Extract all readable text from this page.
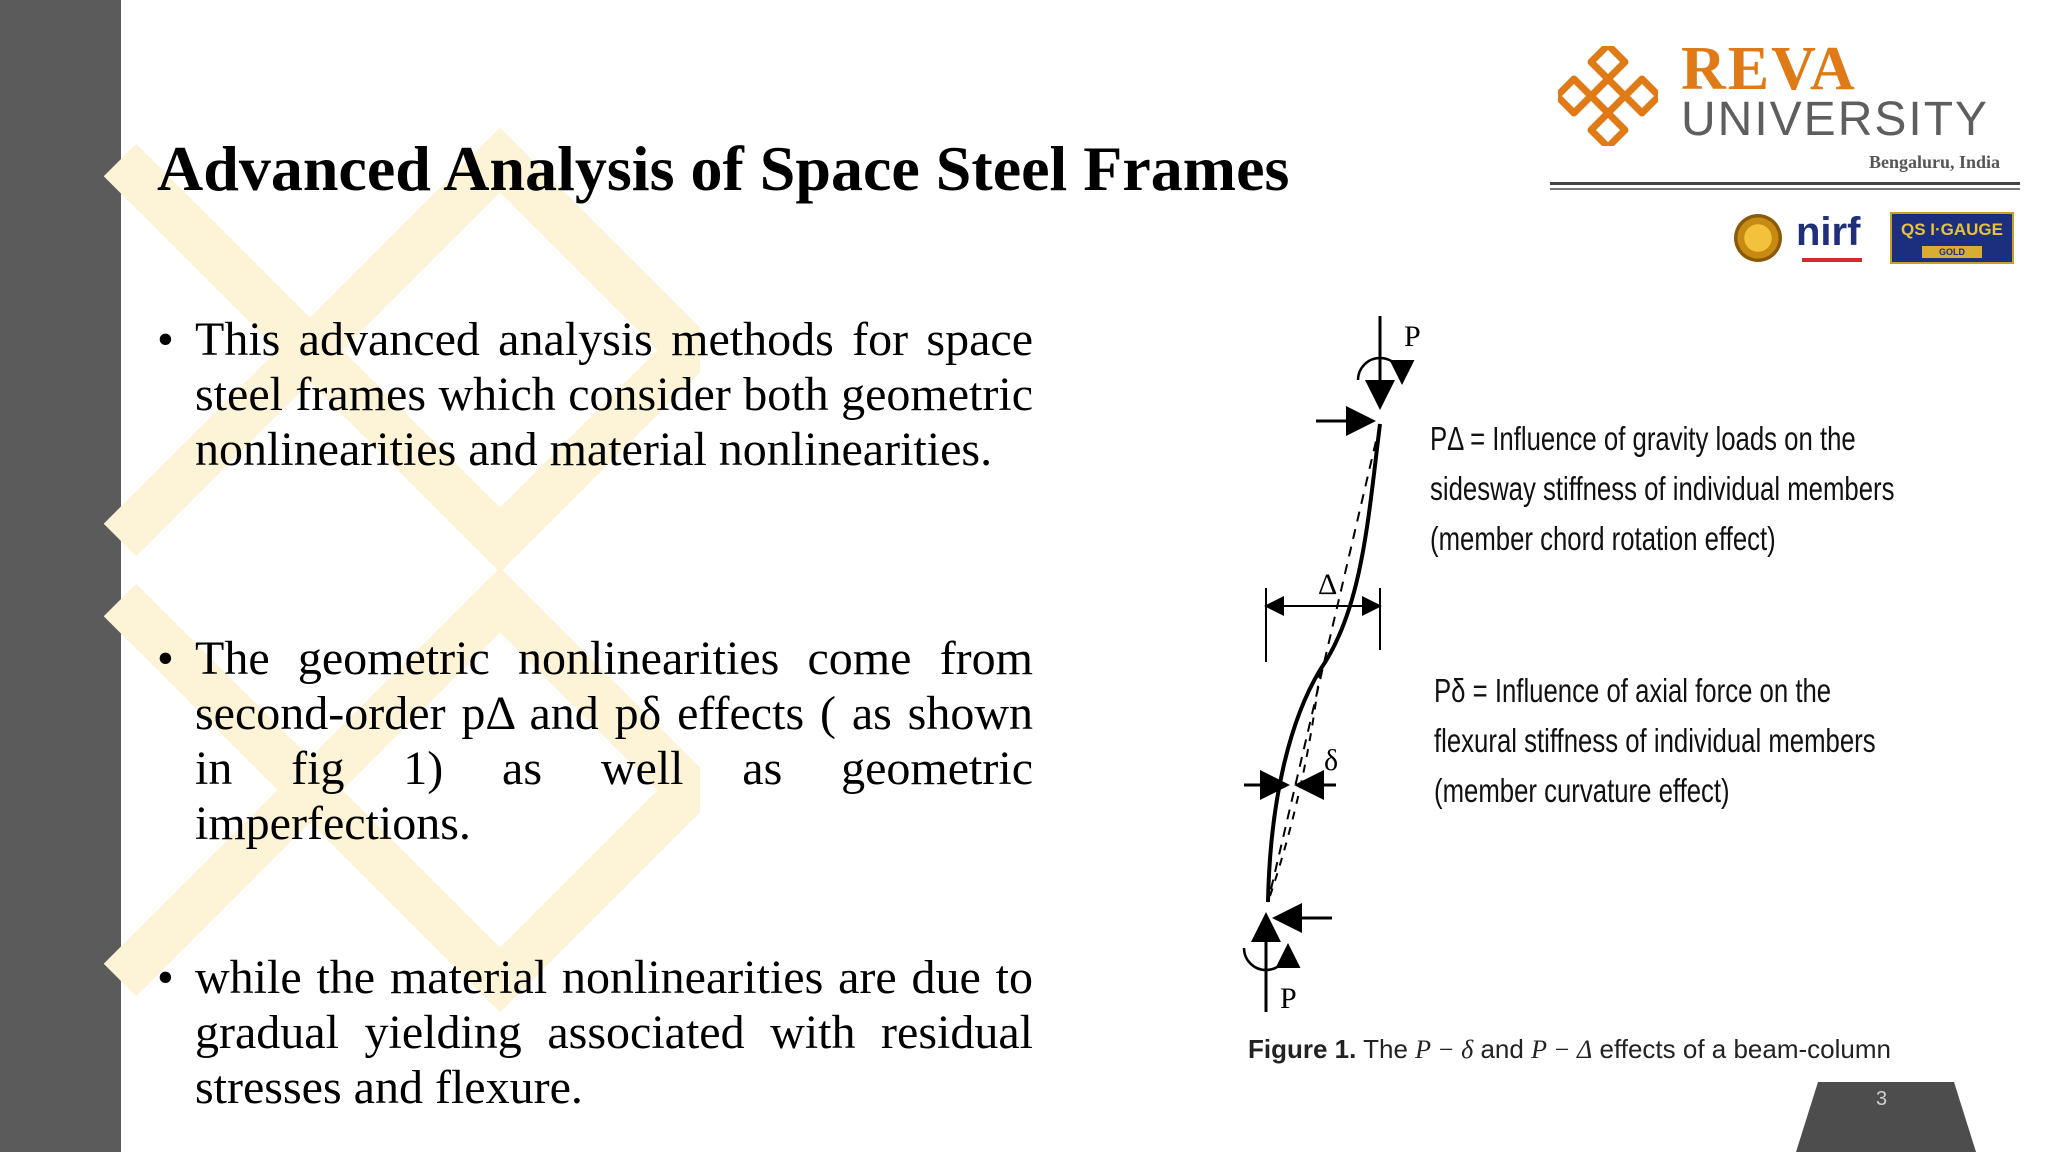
Advanced Analysis of Space Steel Frames
REVA
UNIVERSITY
Bengaluru, India
nirf QS I·GAUGE
GOLD
• This advanced analysis methods for space steel frames which consider both geometric nonlinearities and material nonlinearities.
• The geometric nonlinearities come from second-order pΔ and pδ effects ( as shown in fig 1) as well as geometric imperfections.
• while the material nonlinearities are due to gradual yielding associated with residual stresses and flexure.
P
Δ
δ
P
PΔ = Influence of gravity loads on the
sidesway stiffness of individual members
(member chord rotation effect)
Pδ = Influence of axial force on the
flexural stiffness of individual members
(member curvature effect)
Figure 1. The P − δ and P − Δ effects of a beam-column
3
